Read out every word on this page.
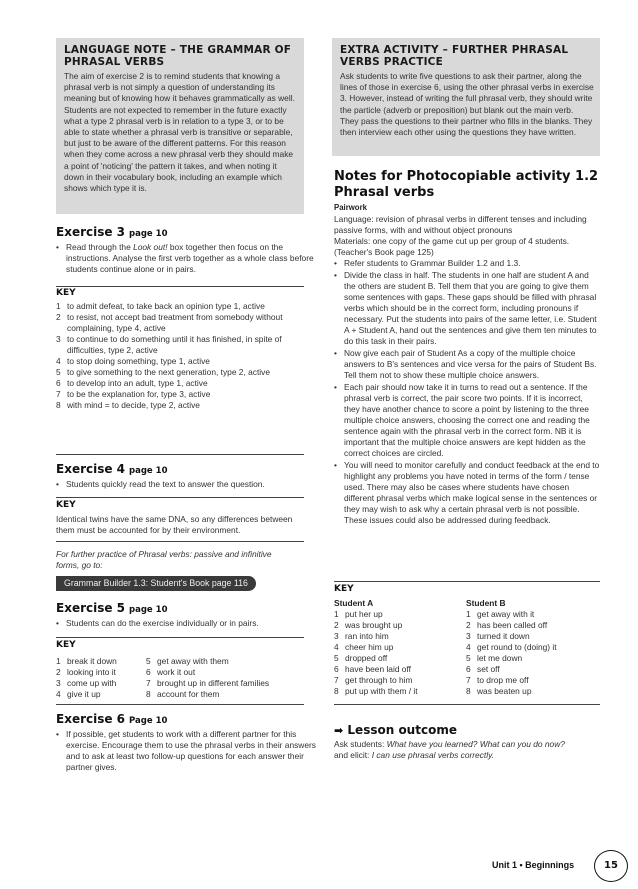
LANGUAGE NOTE – THE GRAMMAR OF PHRASAL VERBS
The aim of exercise 2 is to remind students that knowing a phrasal verb is not simply a question of understanding its meaning but of knowing how it behaves grammatically as well. Students are not expected to remember in the future exactly what a type 2 phrasal verb is in relation to a type 3, or to be able to state whether a phrasal verb is transitive or separable, but just to be aware of the different patterns. For this reason when they come across a new phrasal verb they should make a point of 'noticing' the pattern it takes, and when noting it down in their vocabulary book, including an example which shows which type it is.
Exercise 3 page 10
• Read through the Look out! box together then focus on the instructions. Analyse the first verb together as a whole class before students continue alone or in pairs.
KEY
1 to admit defeat, to take back an opinion type 1, active
2 to resist, not accept bad treatment from somebody without complaining, type 4, active
3 to continue to do something until it has finished, in spite of difficulties, type 2, active
4 to stop doing something, type 1, active
5 to give something to the next generation, type 2, active
6 to develop into an adult, type 1, active
7 to be the explanation for, type 3, active
8 with mind = to decide, type 2, active
Exercise 4 page 10
• Students quickly read the text to answer the question.
KEY
Identical twins have the same DNA, so any differences between them must be accounted for by their environment.
For further practice of Phrasal verbs: passive and infinitive forms, go to:
Grammar Builder 1.3: Student's Book page 116
Exercise 5 page 10
• Students can do the exercise individually or in pairs.
KEY
1 break it down
2 looking into it
3 come up with
4 give it up
5 get away with them
6 work it out
7 brought up in different families
8 account for them
Exercise 6 Page 10
• If possible, get students to work with a different partner for this exercise. Encourage them to use the phrasal verbs in their answers and to ask at least two follow-up questions for each answer their partner gives.
EXTRA ACTIVITY – FURTHER PHRASAL VERBS PRACTICE
Ask students to write five questions to ask their partner, along the lines of those in exercise 6, using the other phrasal verbs in exercise 3. However, instead of writing the full phrasal verb, they should write the particle (adverb or preposition) but blank out the main verb. They pass the questions to their partner who fills in the blanks. They then interview each other using the questions they have written.
Notes for Photocopiable activity 1.2
Phrasal verbs
Pairwork
Language: revision of phrasal verbs in different tenses and including passive forms, with and without object pronouns
Materials: one copy of the game cut up per group of 4 students. (Teacher's Book page 125)
• Refer students to Grammar Builder 1.2 and 1.3.
• Divide the class in half. The students in one half are student A and the others are student B. Tell them that you are going to give them some sentences with gaps. These gaps should be filled with phrasal verbs which should be in the correct form, including pronouns if necessary. Put the students into pairs of the same letter, i.e. Student A + Student A, hand out the sentences and give them ten minutes to do this task in their pairs.
• Now give each pair of Student As a copy of the multiple choice answers to B's sentences and vice versa for the pairs of Student Bs. Tell them not to show these multiple choice answers.
• Each pair should now take it in turns to read out a sentence. If the phrasal verb is correct, the pair score two points. If it is incorrect, they have another chance to score a point by listening to the three multiple choice answers, choosing the correct one and reading the sentence again with the phrasal verb in the correct form. NB it is important that the multiple choice answers are kept hidden as the correct choices are circled.
• You will need to monitor carefully and conduct feedback at the end to highlight any problems you have noted in terms of the form / tense used. There may also be cases where students have chosen different phrasal verbs which make logical sense in the sentences or they may wish to ask why a certain phrasal verb is not possible. These issues could also be addressed during feedback.
KEY
Student A	Student B
1 put her up
2 was brought up
3 ran into him
4 cheer him up
5 dropped off
6 have been laid off
7 get through to him
8 put up with them / it
1 get away with it
2 has been called off
3 turned it down
4 get round to (doing) it
5 let me down
6 set off
7 to drop me off
8 was beaten up
➡ Lesson outcome
Ask students: What have you learned? What can you do now?
and elicit: I can use phrasal verbs correctly.
Unit 1 • Beginnings	15
